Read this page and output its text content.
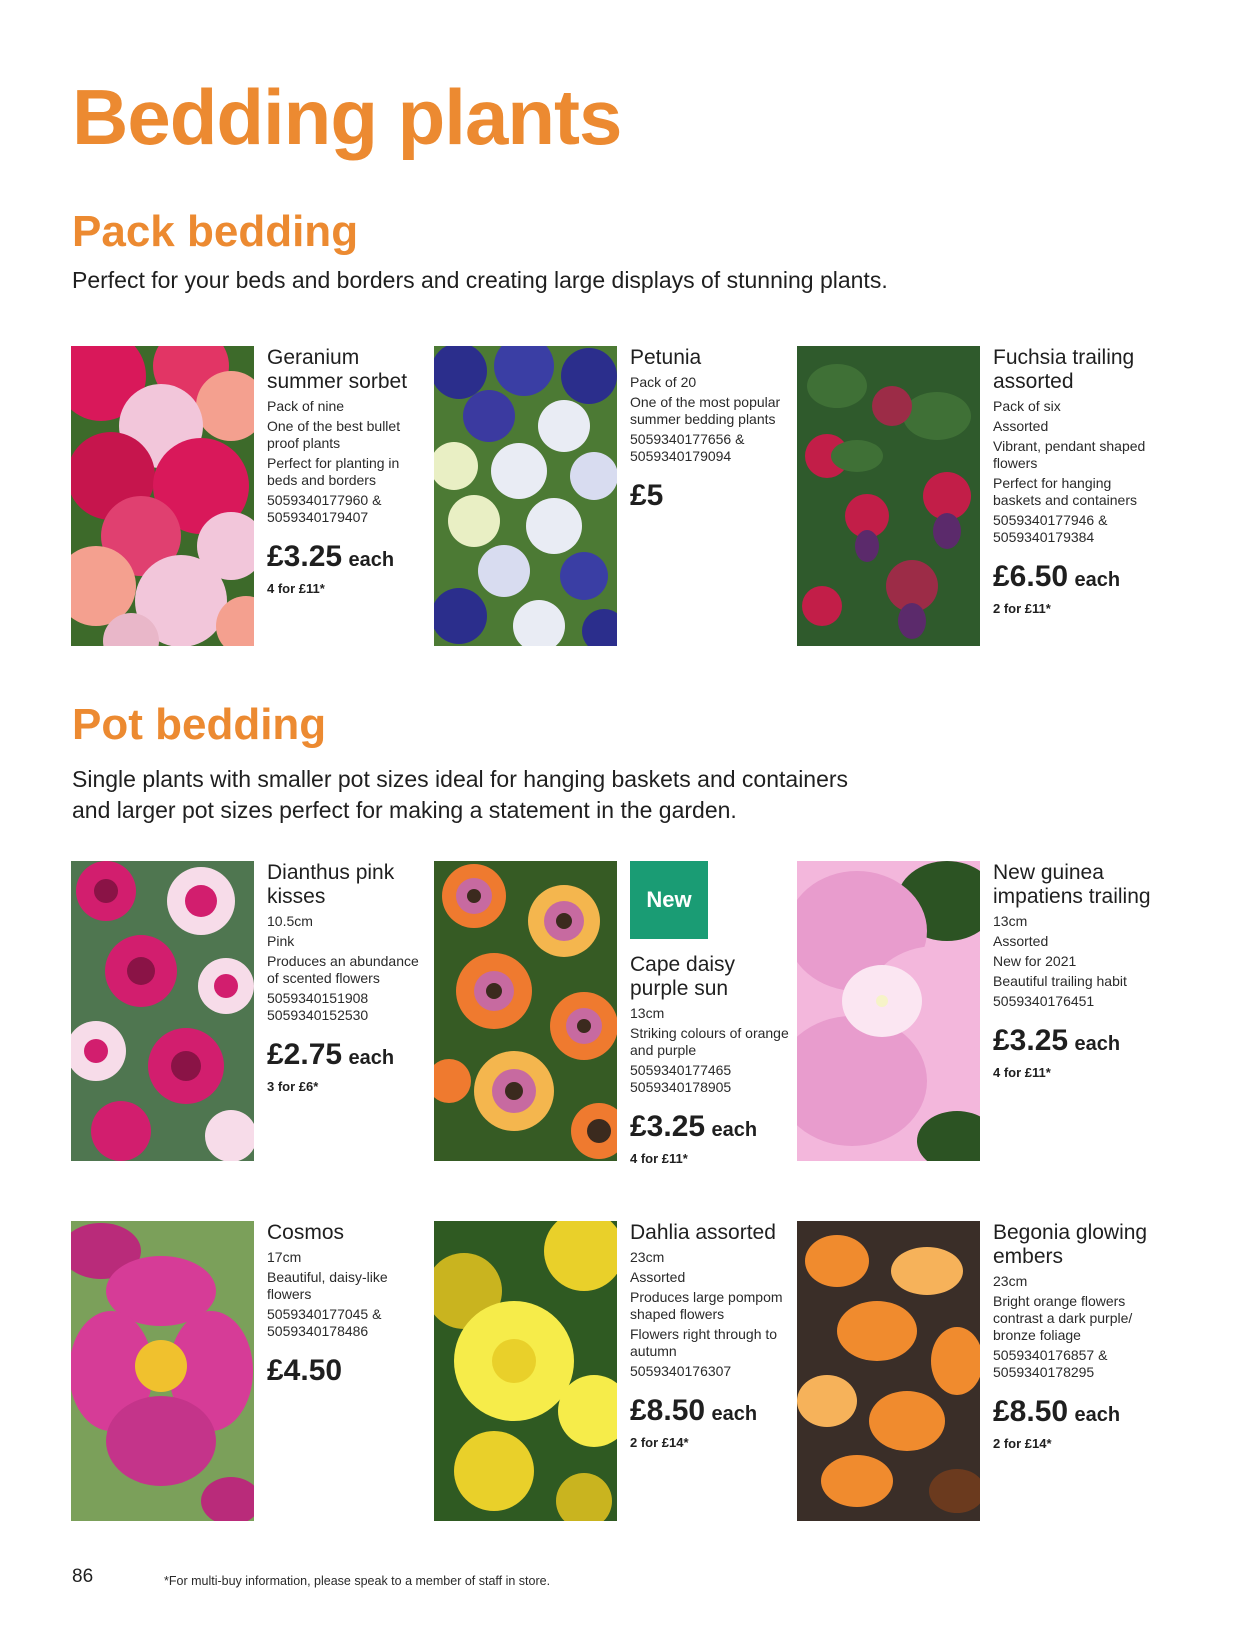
Bedding plants
Pack bedding

Perfect for your beds and borders and creating large displays of stunning plants.

Geranium summer sorbet
Pack of nine
One of the best bullet proof plants
Perfect for planting in beds and borders
5059340177960 &
5059340179407
£3.25 each
4 for £11*
Petunia
Pack of 20
One of the most popular summer bedding plants
5059340177656 &
5059340179094
£5
Fuchsia trailing assorted
Pack of six
Assorted
Vibrant, pendant shaped flowers
Perfect for hanging baskets and containers
5059340177946 &
5059340179384
£6.50 each
2 for £11*
Pot bedding

Single plants with smaller pot sizes ideal for hanging baskets and containers

and larger pot sizes perfect for making a statement in the garden.

Dianthus pink kisses
10.5cm
Pink
Produces an abundance of scented flowers
5059340151908
5059340152530
£2.75 each
3 for £6*
New
Cape daisy purple sun
13cm
Striking colours of orange and purple
5059340177465
5059340178905
£3.25 each
4 for £11*
New guinea impatiens trailing
13cm
Assorted
New for 2021
Beautiful trailing habit
5059340176451
£3.25 each
4 for £11*
Cosmos
17cm
Beautiful, daisy-like flowers
5059340177045 &
5059340178486
£4.50
Dahlia assorted
23cm
Assorted
Produces large pompom shaped flowers
Flowers right through to autumn
5059340176307
£8.50 each
2 for £14*
Begonia glowing embers
23cm
Bright orange flowers contrast a dark purple/ bronze foliage
5059340176857 &
5059340178295
£8.50 each
2 for £14*
86	*For multi-buy information, please speak to a member of staff in store.
